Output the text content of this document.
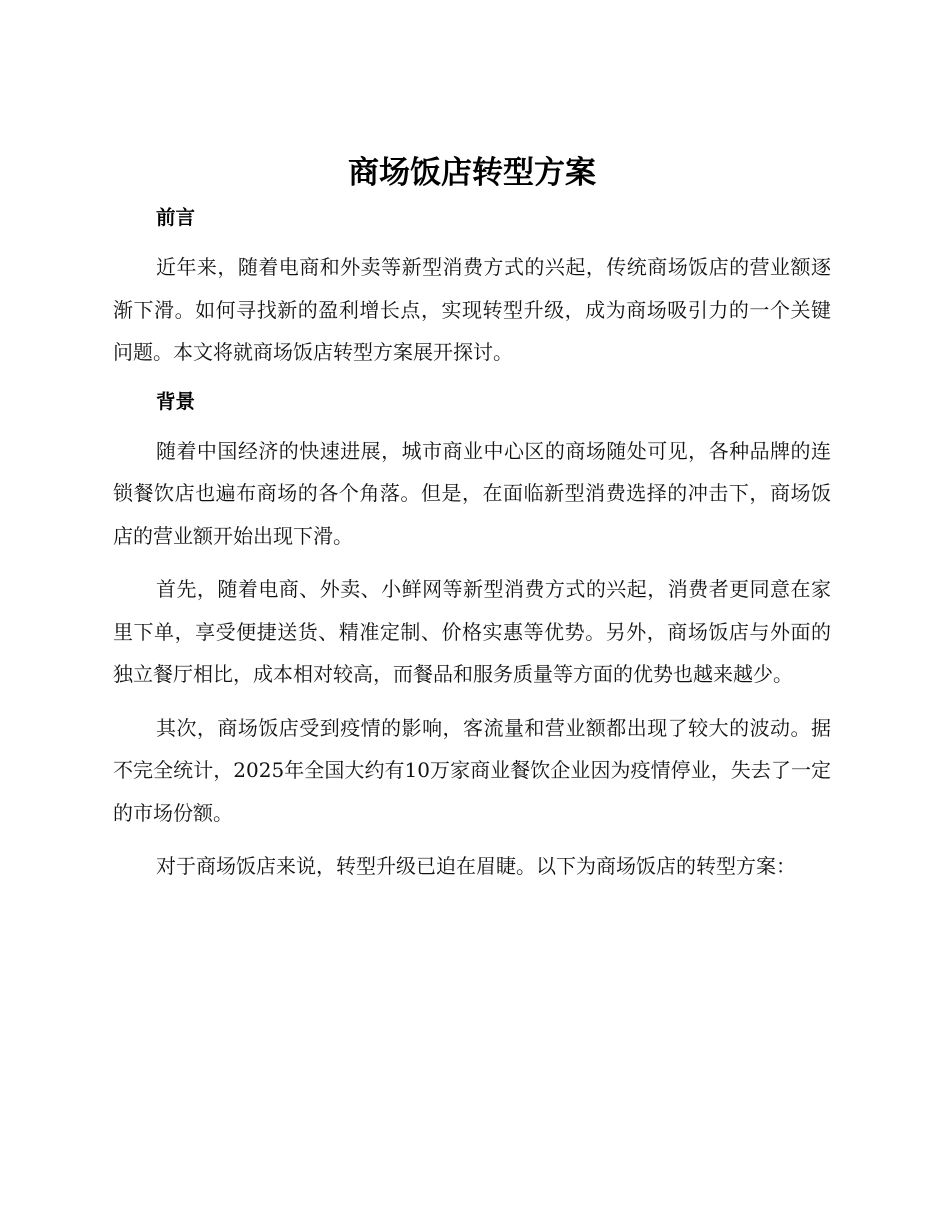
商场饭店转型方案
前言

近年来，随着电商和外卖等新型消费方式的兴起，传统商场饭店的营业额逐渐下滑。如何寻找新的盈利增长点，实现转型升级，成为商场吸引力的一个关键问题。本文将就商场饭店转型方案展开探讨。

背景

随着中国经济的快速进展，城市商业中心区的商场随处可见，各种品牌的连锁餐饮店也遍布商场的各个角落。但是，在面临新型消费选择的冲击下，商场饭店的营业额开始出现下滑。

首先，随着电商、外卖、小鲜网等新型消费方式的兴起，消费者更同意在家里下单，享受便捷送货、精准定制、价格实惠等优势。另外，商场饭店与外面的独立餐厅相比，成本相对较高，而餐品和服务质量等方面的优势也越来越少。

其次，商场饭店受到疫情的影响，客流量和营业额都出现了较大的波动。据不完全统计，2025年全国大约有10万家商业餐饮企业因为疫情停业，失去了一定的市场份额。

对于商场饭店来说，转型升级已迫在眉睫。以下为商场饭店的转型方案：
